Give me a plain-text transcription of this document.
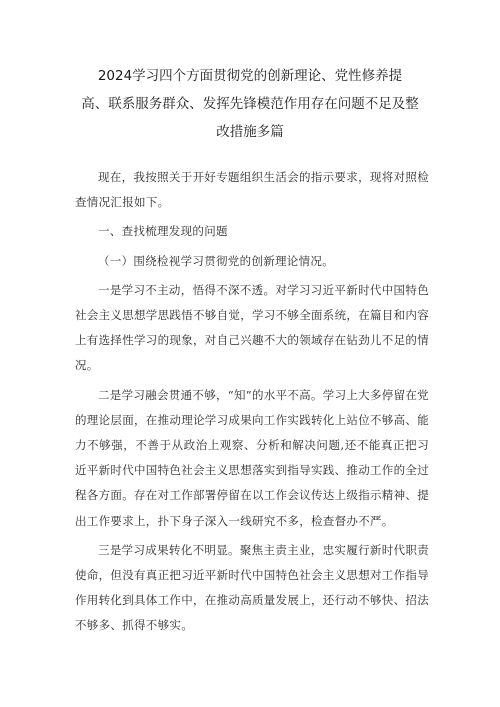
2024学习四个方面贯彻党的创新理论、党性修养提
高、联系服务群众、发挥先锋模范作用存在问题不足及整
改措施多篇

现在，我按照关于开好专题组织生活会的指示要求，现将对照检查情况汇报如下。

一、查找梳理发现的问题

（一）围绕检视学习贯彻党的创新理论情况。

一是学习不主动，悟得不深不透。对学习习近平新时代中国特色社会主义思想学思践悟不够自觉，学习不够全面系统，在篇目和内容上有选择性学习的现象，对自己兴趣不大的领域存在钻劲儿不足的情况。

二是学习融会贯通不够，“知”的水平不高。学习上大多停留在党的理论层面，在推动理论学习成果向工作实践转化上站位不够高、能力不够强，不善于从政治上观察、分析和解决问题,还不能真正把习近平新时代中国特色社会主义思想落实到指导实践、推动工作的全过程各方面。存在对工作部署停留在以工作会议传达上级指示精神、提出工作要求上，扑下身子深入一线研究不多，检查督办不严。

三是学习成果转化不明显。聚焦主责主业，忠实履行新时代职责使命，但没有真正把习近平新时代中国特色社会主义思想对工作指导作用转化到具体工作中，在推动高质量发展上，还行动不够快、招法不够多、抓得不够实。
